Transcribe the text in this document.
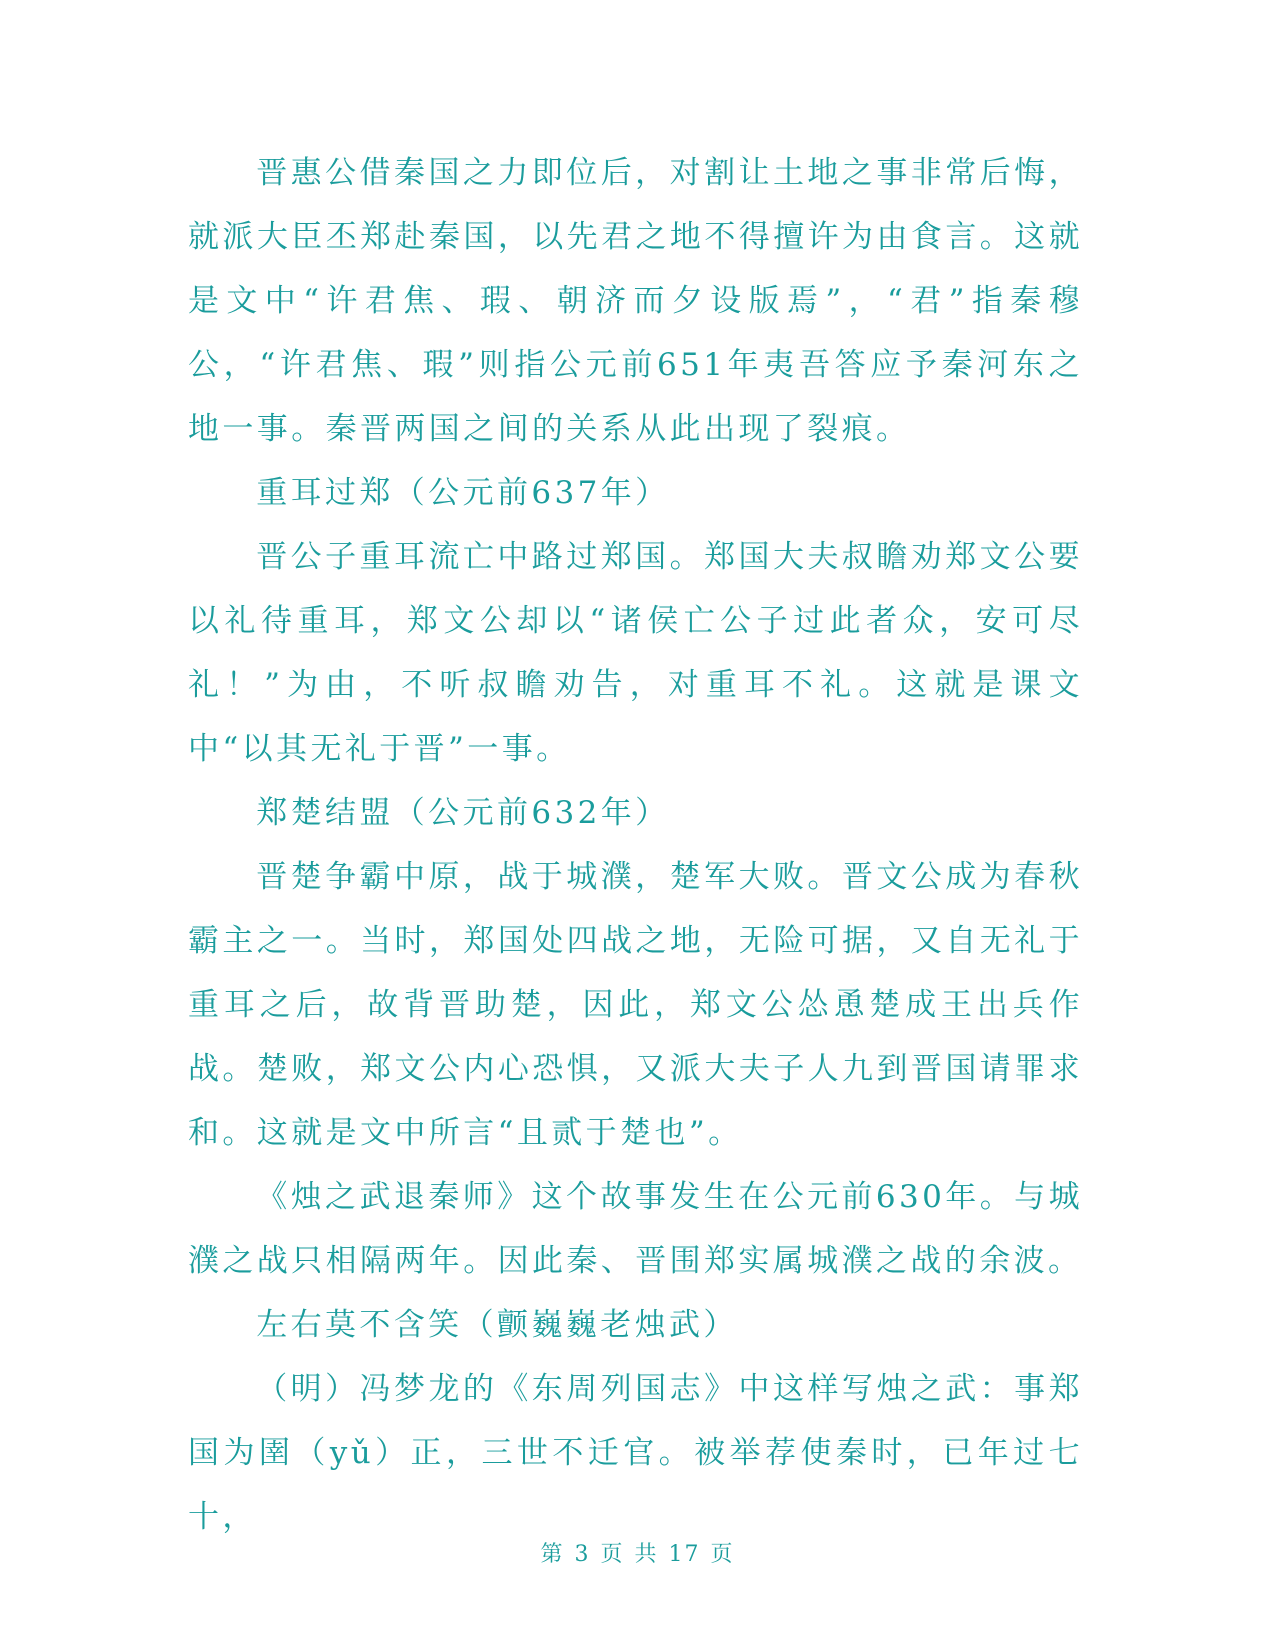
晋惠公借秦国之力即位后，对割让土地之事非常后悔，就派大臣丕郑赴秦国，以先君之地不得擅许为由食言。这就是文中“许君焦、瑕、朝济而夕设版焉”，“君”指秦穆公，“许君焦、瑕”则指公元前651年夷吾答应予秦河东之地一事。秦晋两国之间的关系从此出现了裂痕。

重耳过郑（公元前637年）

晋公子重耳流亡中路过郑国。郑国大夫叔瞻劝郑文公要以礼待重耳，郑文公却以“诸侯亡公子过此者众，安可尽礼！”为由，不听叔瞻劝告，对重耳不礼。这就是课文中“以其无礼于晋”一事。

郑楚结盟（公元前632年）

晋楚争霸中原，战于城濮，楚军大败。晋文公成为春秋霸主之一。当时，郑国处四战之地，无险可据，又自无礼于重耳之后，故背晋助楚，因此，郑文公怂恿楚成王出兵作战。楚败，郑文公内心恐惧，又派大夫子人九到晋国请罪求和。这就是文中所言“且贰于楚也”。

《烛之武退秦师》这个故事发生在公元前630年。与城濮之战只相隔两年。因此秦、晋围郑实属城濮之战的余波。

左右莫不含笑（颤巍巍老烛武）

（明）冯梦龙的《东周列国志》中这样写烛之武：事郑国为圉（yǔ）正，三世不迁官。被举荐使秦时，已年过七十，

第 3 页 共 17 页
